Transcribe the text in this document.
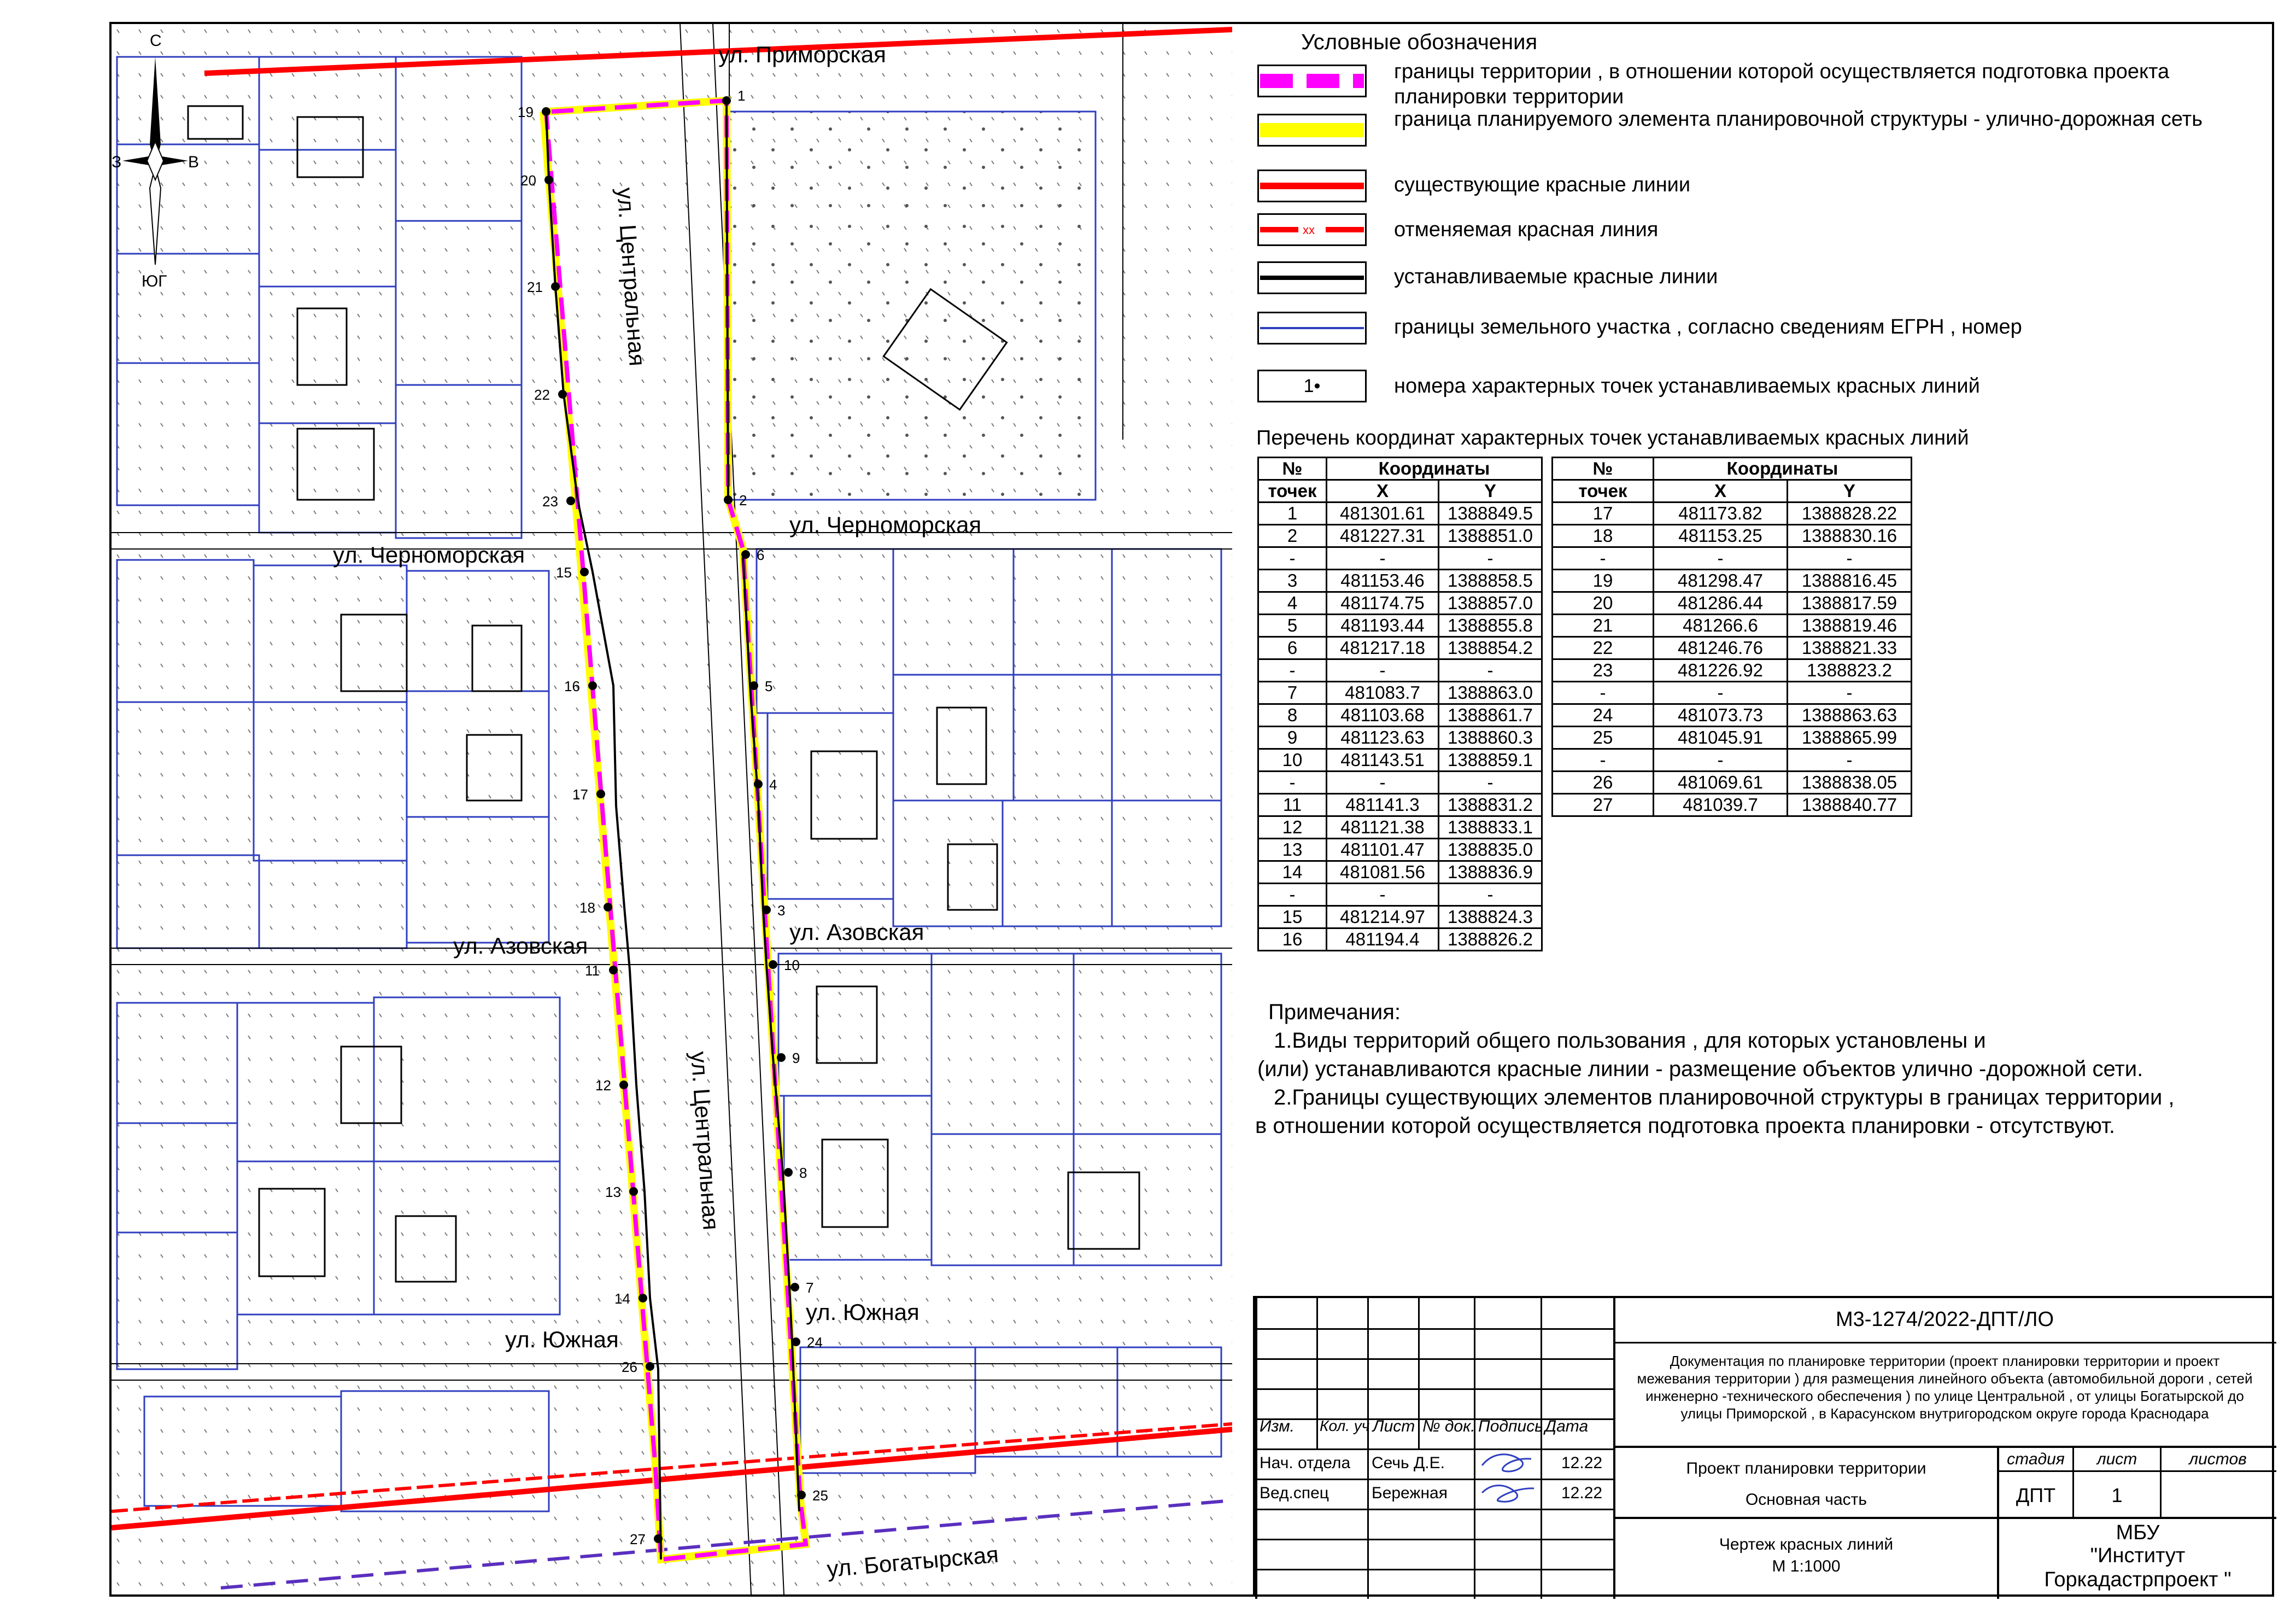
1
2
3
4
5
6
7
8
9
10
11
12
13
14
15
16
17
18
19
20
21
22
23
24
25
26
27
ул. Приморская
ул. Центральная
ул. Черноморская
ул. Черноморская
ул. Азовская
ул. Азовская
ул. Центральная
ул. Южная
ул. Южная
ул. Богатырская
С
ЮГ
З	В
Условные обозначения
границы территории , в отношении которой осуществляется подготовка проекта планировки территории
граница планируемого элемента планировочной структуры - улично-дорожная сеть
существующие красные линии
xx	отменяемая красная линия
устанавливаемые красные линии
границы земельного участка , согласно сведениям ЕГРН , номер
1•	номера характерных точек устанавливаемых красных линий
Перечень координат характерных точек устанавливаемых красных линий
№	Координаты	
точек	X	Y
1	481301.61	1388849.5
2	481227.31	1388851.0
-	-	-
3	481153.46	1388858.5
4	481174.75	1388857.0
5	481193.44	1388855.8
6	481217.18	1388854.2
-	-	-
7	481083.7	1388863.0
8	481103.68	1388861.7
9	481123.63	1388860.3
10	481143.51	1388859.1
-	-	-
11	481141.3	1388831.2
12	481121.38	1388833.1
13	481101.47	1388835.0
14	481081.56	1388836.9
-	-	-
15	481214.97	1388824.3
16	481194.4	1388826.2
№	Координаты	
точек	X	Y
17	481173.82	1388828.22
18	481153.25	1388830.16
-	-	-
19	481298.47	1388816.45
20	481286.44	1388817.59
21	481266.6	1388819.46
22	481246.76	1388821.33
23	481226.92	1388823.2
-	-	-
24	481073.73	1388863.63
25	481045.91	1388865.99
-	-	-
26	481069.61	1388838.05
27	481039.7	1388840.77
Примечания:
1.Виды территорий общего пользования , для которых установлены и
(или) устанавливаются красные линии - размещение объектов улично -дорожной сети.
2.Границы существующих элементов планировочной структуры в границах территории ,
в отношении которой осуществляется подготовка проекта планировки - отсутствуют.
Изм. Кол. уч Лист № док. Подпись Дата
Нач. отдела Сечь Д.Е.	12.22
Вед.спец	Бережная	12.22
М3-1274/2022-ДПТ/ЛО
Документация по планировке территории (проект планировки территории и проект
межевания территории ) для размещения линейного объекта (автомобильной дороги , сетей
инженерно -технического обеспечения ) по улице Центральной , от улицы Богатырской до
улицы Приморской , в Карасунском внутригородском округе города Краснодара
Проект планировки территории
Основная часть
стадия	лист	листов
ДПТ	1
Чертеж красных линий
М 1:1000
МБУ
"Институт
Горкадастрпроект "
